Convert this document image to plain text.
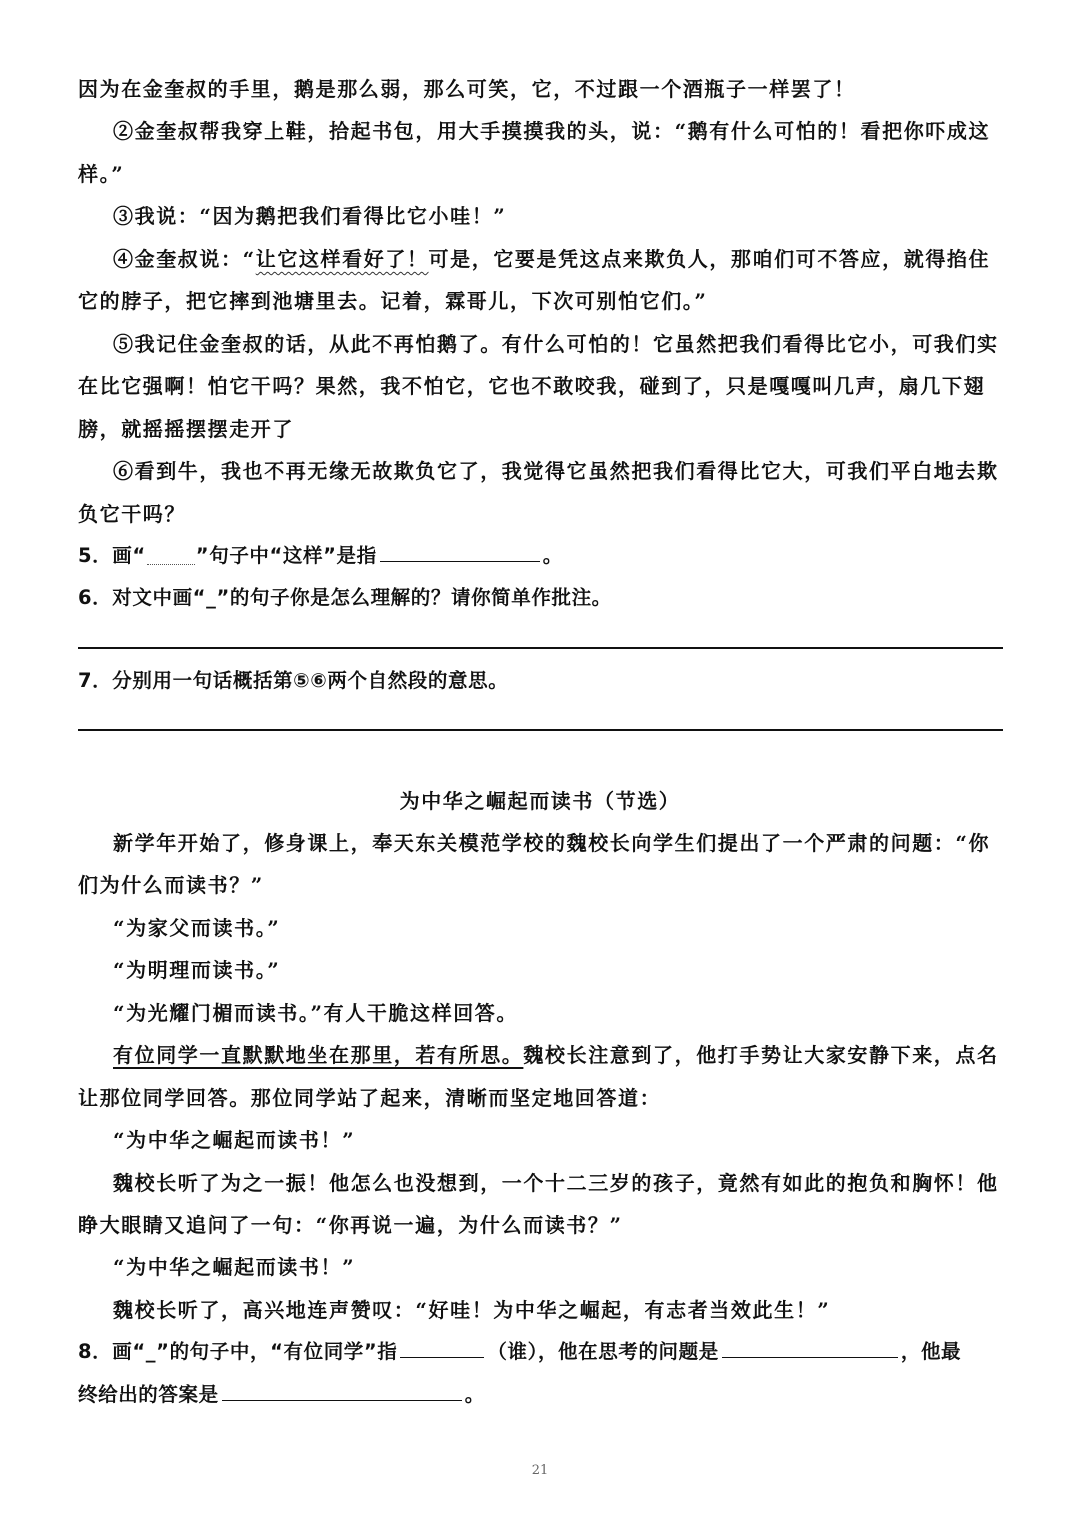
因为在金奎叔的手里，鹅是那么弱，那么可笑，它，不过跟一个酒瓶子一样罢了！
②金奎叔帮我穿上鞋，拾起书包，用大手摸摸我的头，说：“鹅有什么可怕的！看把你吓成这
样。”
③我说：“因为鹅把我们看得比它小哇！”
④金奎叔说：“让它这样看好了！可是，它要是凭这点来欺负人，那咱们可不答应，就得掐住
它的脖子，把它摔到池塘里去。记着，霖哥儿，下次可别怕它们。”
⑤我记住金奎叔的话，从此不再怕鹅了。有什么可怕的！它虽然把我们看得比它小，可我们实
在比它强啊！怕它干吗？果然，我不怕它，它也不敢咬我，碰到了，只是嘎嘎叫几声，扇几下翅
膀，就摇摇摆摆走开了
⑥看到牛，我也不再无缘无故欺负它了，我觉得它虽然把我们看得比它大，可我们平白地去欺
负它干吗？
5．画“	”句子中“这样”是指	。
6．对文中画“_”的句子你是怎么理解的？请你简单作批注。
7．分别用一句话概括第⑤⑥两个自然段的意思。
为中华之崛起而读书（节选）
新学年开始了，修身课上，奉天东关模范学校的魏校长向学生们提出了一个严肃的问题：“你
们为什么而读书？”
“为家父而读书。”
“为明理而读书。”
“为光耀门楣而读书。”有人干脆这样回答。
有位同学一直默默地坐在那里，若有所思。魏校长注意到了，他打手势让大家安静下来，点名
让那位同学回答。那位同学站了起来，清晰而坚定地回答道：
“为中华之崛起而读书！”
魏校长听了为之一振！他怎么也没想到，一个十二三岁的孩子，竟然有如此的抱负和胸怀！他
睁大眼睛又追问了一句：“你再说一遍，为什么而读书？”
“为中华之崛起而读书！”
魏校长听了，高兴地连声赞叹：“好哇！为中华之崛起，有志者当效此生！”
8．画“_”的句子中，“有位同学”指	（谁），他在思考的问题是	，他最
终给出的答案是	。
21
